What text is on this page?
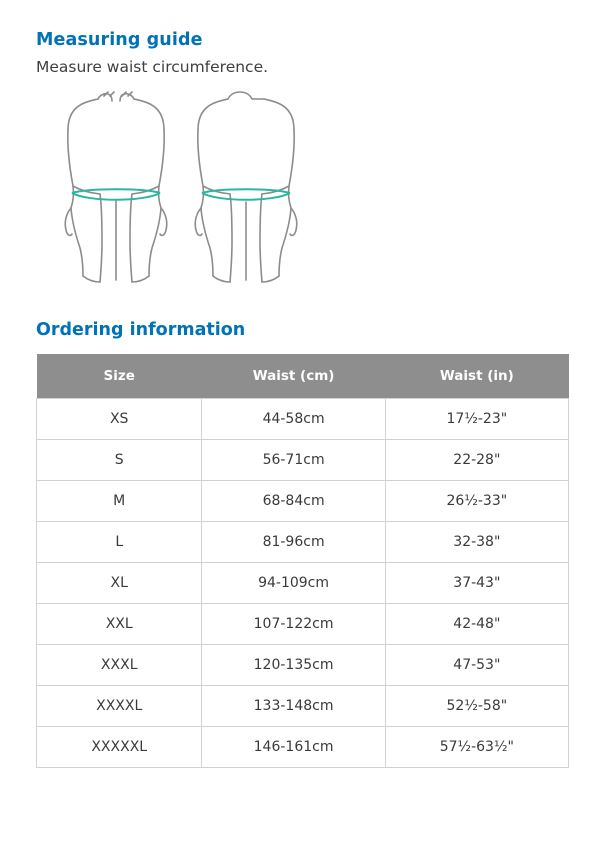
Measuring guide

Measure waist circumference.

Ordering information
Size	Waist (cm)	Waist (in)
XS	44-58cm	17½-23"
S	56-71cm	22-28"
M	68-84cm	26½-33"
L	81-96cm	32-38"
XL	94-109cm	37-43"
XXL	107-122cm	42-48"
XXXL	120-135cm	47-53"
XXXXL	133-148cm	52½-58"
XXXXXL	146-161cm	57½-63½"
